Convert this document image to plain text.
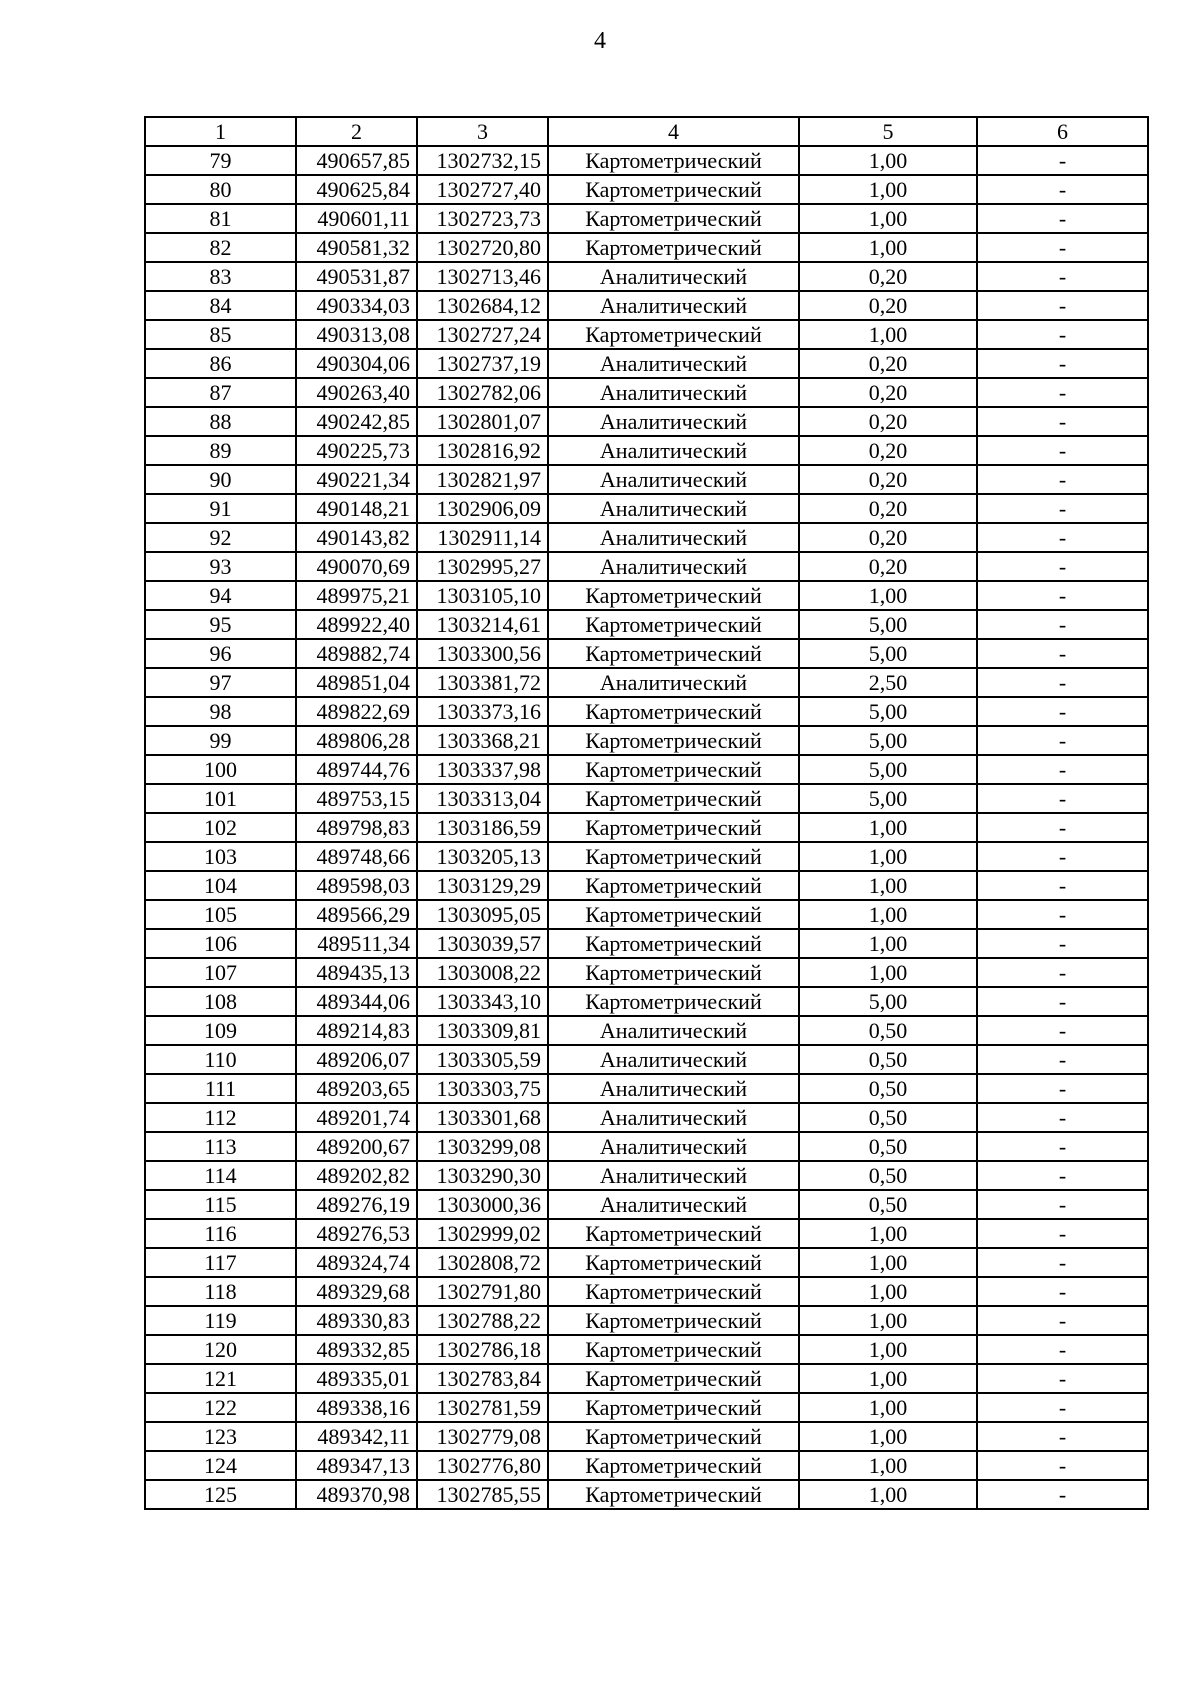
4
1	2	3	4	5	6
79	490657,85	1302732,15	Картометрический	1,00	-
80	490625,84	1302727,40	Картометрический	1,00	-
81	490601,11	1302723,73	Картометрический	1,00	-
82	490581,32	1302720,80	Картометрический	1,00	-
83	490531,87	1302713,46	Аналитический	0,20	-
84	490334,03	1302684,12	Аналитический	0,20	-
85	490313,08	1302727,24	Картометрический	1,00	-
86	490304,06	1302737,19	Аналитический	0,20	-
87	490263,40	1302782,06	Аналитический	0,20	-
88	490242,85	1302801,07	Аналитический	0,20	-
89	490225,73	1302816,92	Аналитический	0,20	-
90	490221,34	1302821,97	Аналитический	0,20	-
91	490148,21	1302906,09	Аналитический	0,20	-
92	490143,82	1302911,14	Аналитический	0,20	-
93	490070,69	1302995,27	Аналитический	0,20	-
94	489975,21	1303105,10	Картометрический	1,00	-
95	489922,40	1303214,61	Картометрический	5,00	-
96	489882,74	1303300,56	Картометрический	5,00	-
97	489851,04	1303381,72	Аналитический	2,50	-
98	489822,69	1303373,16	Картометрический	5,00	-
99	489806,28	1303368,21	Картометрический	5,00	-
100	489744,76	1303337,98	Картометрический	5,00	-
101	489753,15	1303313,04	Картометрический	5,00	-
102	489798,83	1303186,59	Картометрический	1,00	-
103	489748,66	1303205,13	Картометрический	1,00	-
104	489598,03	1303129,29	Картометрический	1,00	-
105	489566,29	1303095,05	Картометрический	1,00	-
106	489511,34	1303039,57	Картометрический	1,00	-
107	489435,13	1303008,22	Картометрический	1,00	-
108	489344,06	1303343,10	Картометрический	5,00	-
109	489214,83	1303309,81	Аналитический	0,50	-
110	489206,07	1303305,59	Аналитический	0,50	-
111	489203,65	1303303,75	Аналитический	0,50	-
112	489201,74	1303301,68	Аналитический	0,50	-
113	489200,67	1303299,08	Аналитический	0,50	-
114	489202,82	1303290,30	Аналитический	0,50	-
115	489276,19	1303000,36	Аналитический	0,50	-
116	489276,53	1302999,02	Картометрический	1,00	-
117	489324,74	1302808,72	Картометрический	1,00	-
118	489329,68	1302791,80	Картометрический	1,00	-
119	489330,83	1302788,22	Картометрический	1,00	-
120	489332,85	1302786,18	Картометрический	1,00	-
121	489335,01	1302783,84	Картометрический	1,00	-
122	489338,16	1302781,59	Картометрический	1,00	-
123	489342,11	1302779,08	Картометрический	1,00	-
124	489347,13	1302776,80	Картометрический	1,00	-
125	489370,98	1302785,55	Картометрический	1,00	-
